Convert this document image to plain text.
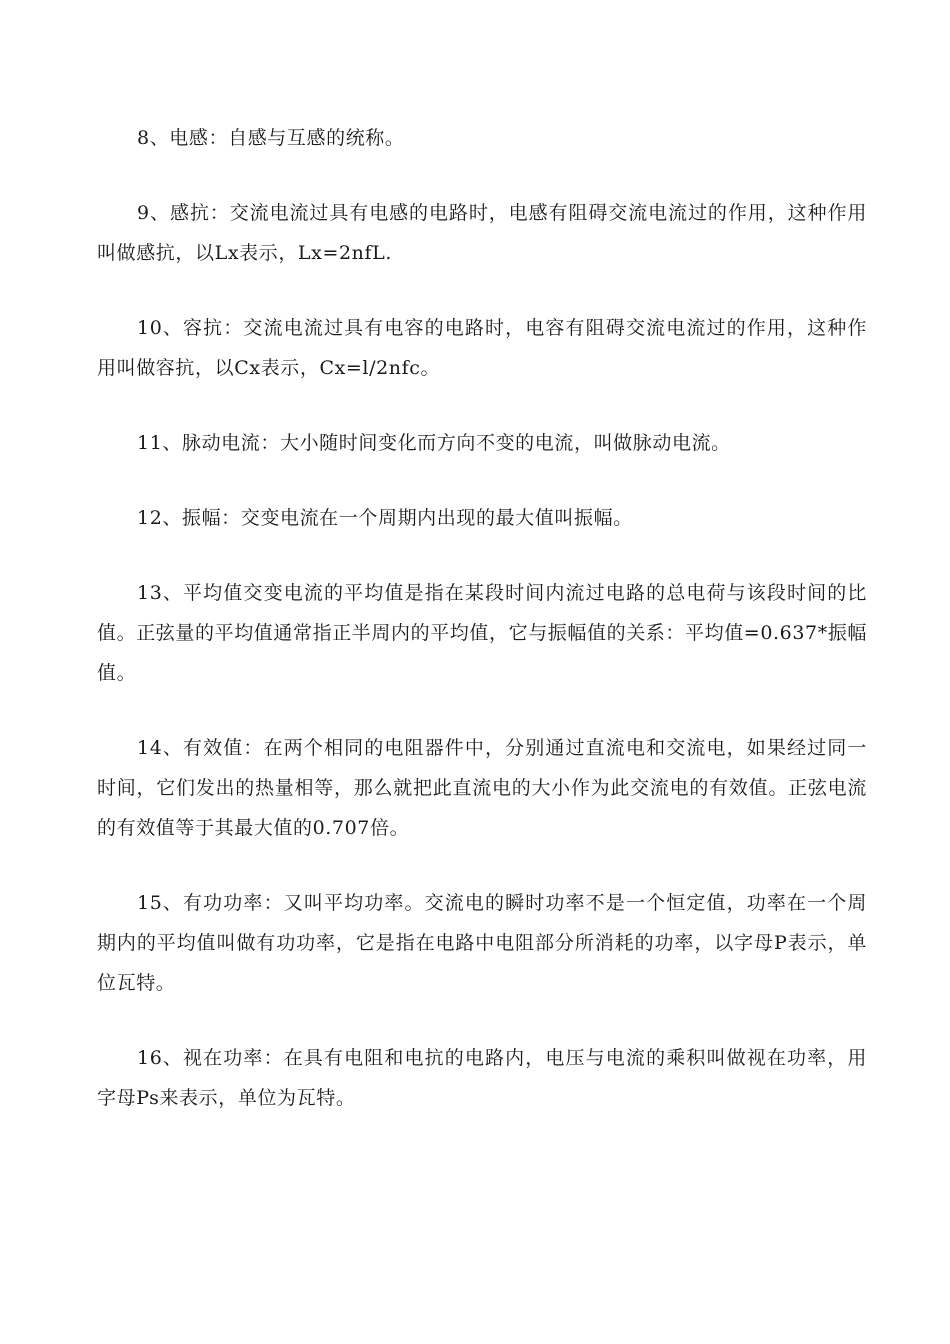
8、电感：自感与互感的统称。

9、感抗：交流电流过具有电感的电路时，电感有阻碍交流电流过的作用，这种作用叫做感抗，以Lx表示，Lx=2nfL.

10、容抗：交流电流过具有电容的电路时，电容有阻碍交流电流过的作用，这种作用叫做容抗，以Cx表示，Cx=l/2nfc。

11、脉动电流：大小随时间变化而方向不变的电流，叫做脉动电流。

12、振幅：交变电流在一个周期内出现的最大值叫振幅。

13、平均值交变电流的平均值是指在某段时间内流过电路的总电荷与该段时间的比值。正弦量的平均值通常指正半周内的平均值，它与振幅值的关系：平均值=0.637*振幅值。

14、有效值：在两个相同的电阻器件中，分别通过直流电和交流电，如果经过同一时间，它们发出的热量相等，那么就把此直流电的大小作为此交流电的有效值。正弦电流的有效值等于其最大值的0.707倍。

15、有功功率：又叫平均功率。交流电的瞬时功率不是一个恒定值，功率在一个周期内的平均值叫做有功功率，它是指在电路中电阻部分所消耗的功率，以字母P表示，单位瓦特。

16、视在功率：在具有电阻和电抗的电路内，电压与电流的乘积叫做视在功率，用字母Ps来表示，单位为瓦特。
